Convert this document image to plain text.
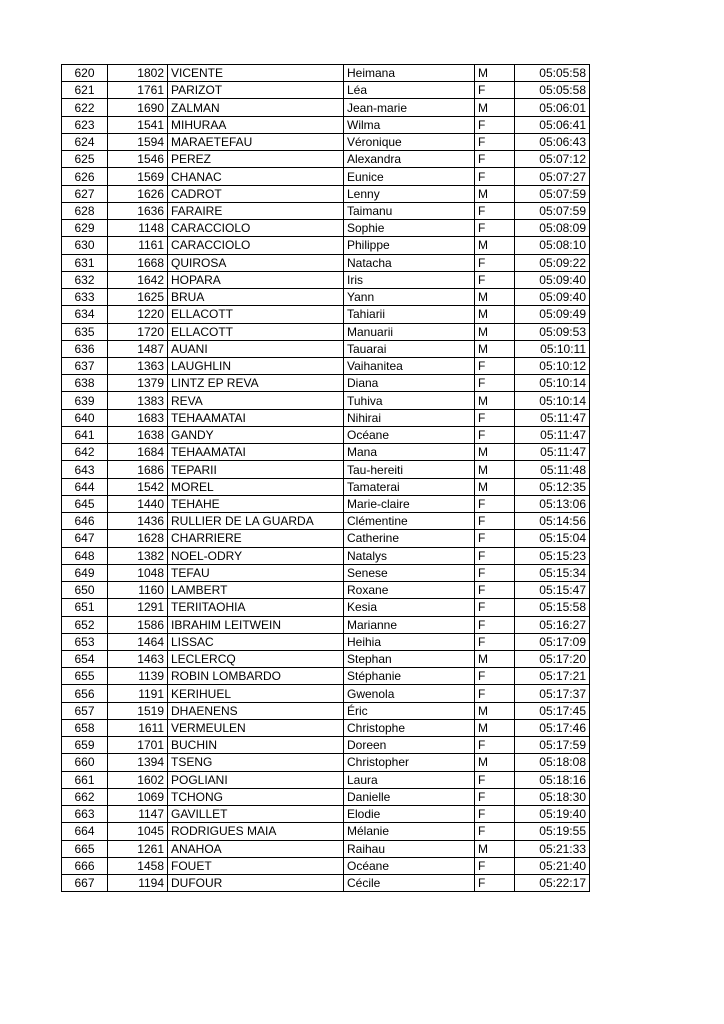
620	1802	VICENTE	Heimana	M	05:05:58
621	1761	PARIZOT	Léa	F	05:05:58
622	1690	ZALMAN	Jean-marie	M	05:06:01
623	1541	MIHURAA	Wilma	F	05:06:41
624	1594	MARAETEFAU	Véronique	F	05:06:43
625	1546	PEREZ	Alexandra	F	05:07:12
626	1569	CHANAC	Eunice	F	05:07:27
627	1626	CADROT	Lenny	M	05:07:59
628	1636	FARAIRE	Taimanu	F	05:07:59
629	1148	CARACCIOLO	Sophie	F	05:08:09
630	1161	CARACCIOLO	Philippe	M	05:08:10
631	1668	QUIROSA	Natacha	F	05:09:22
632	1642	HOPARA	Iris	F	05:09:40
633	1625	BRUA	Yann	M	05:09:40
634	1220	ELLACOTT	Tahiarii	M	05:09:49
635	1720	ELLACOTT	Manuarii	M	05:09:53
636	1487	AUANI	Tauarai	M	05:10:11
637	1363	LAUGHLIN	Vaihanitea	F	05:10:12
638	1379	LINTZ EP REVA	Diana	F	05:10:14
639	1383	REVA	Tuhiva	M	05:10:14
640	1683	TEHAAMATAI	Nihirai	F	05:11:47
641	1638	GANDY	Océane	F	05:11:47
642	1684	TEHAAMATAI	Mana	M	05:11:47
643	1686	TEPARII	Tau-hereiti	M	05:11:48
644	1542	MOREL	Tamaterai	M	05:12:35
645	1440	TEHAHE	Marie-claire	F	05:13:06
646	1436	RULLIER DE LA GUARDA	Clémentine	F	05:14:56
647	1628	CHARRIERE	Catherine	F	05:15:04
648	1382	NOEL-ODRY	Natalys	F	05:15:23
649	1048	TEFAU	Senese	F	05:15:34
650	1160	LAMBERT	Roxane	F	05:15:47
651	1291	TERIITAOHIA	Kesia	F	05:15:58
652	1586	IBRAHIM LEITWEIN	Marianne	F	05:16:27
653	1464	LISSAC	Heihia	F	05:17:09
654	1463	LECLERCQ	Stephan	M	05:17:20
655	1139	ROBIN LOMBARDO	Stéphanie	F	05:17:21
656	1191	KERIHUEL	Gwenola	F	05:17:37
657	1519	DHAENENS	Éric	M	05:17:45
658	1611	VERMEULEN	Christophe	M	05:17:46
659	1701	BUCHIN	Doreen	F	05:17:59
660	1394	TSENG	Christopher	M	05:18:08
661	1602	POGLIANI	Laura	F	05:18:16
662	1069	TCHONG	Danielle	F	05:18:30
663	1147	GAVILLET	Elodie	F	05:19:40
664	1045	RODRIGUES MAIA	Mélanie	F	05:19:55
665	1261	ANAHOA	Raihau	M	05:21:33
666	1458	FOUET	Océane	F	05:21:40
667	1194	DUFOUR	Cécile	F	05:22:17
